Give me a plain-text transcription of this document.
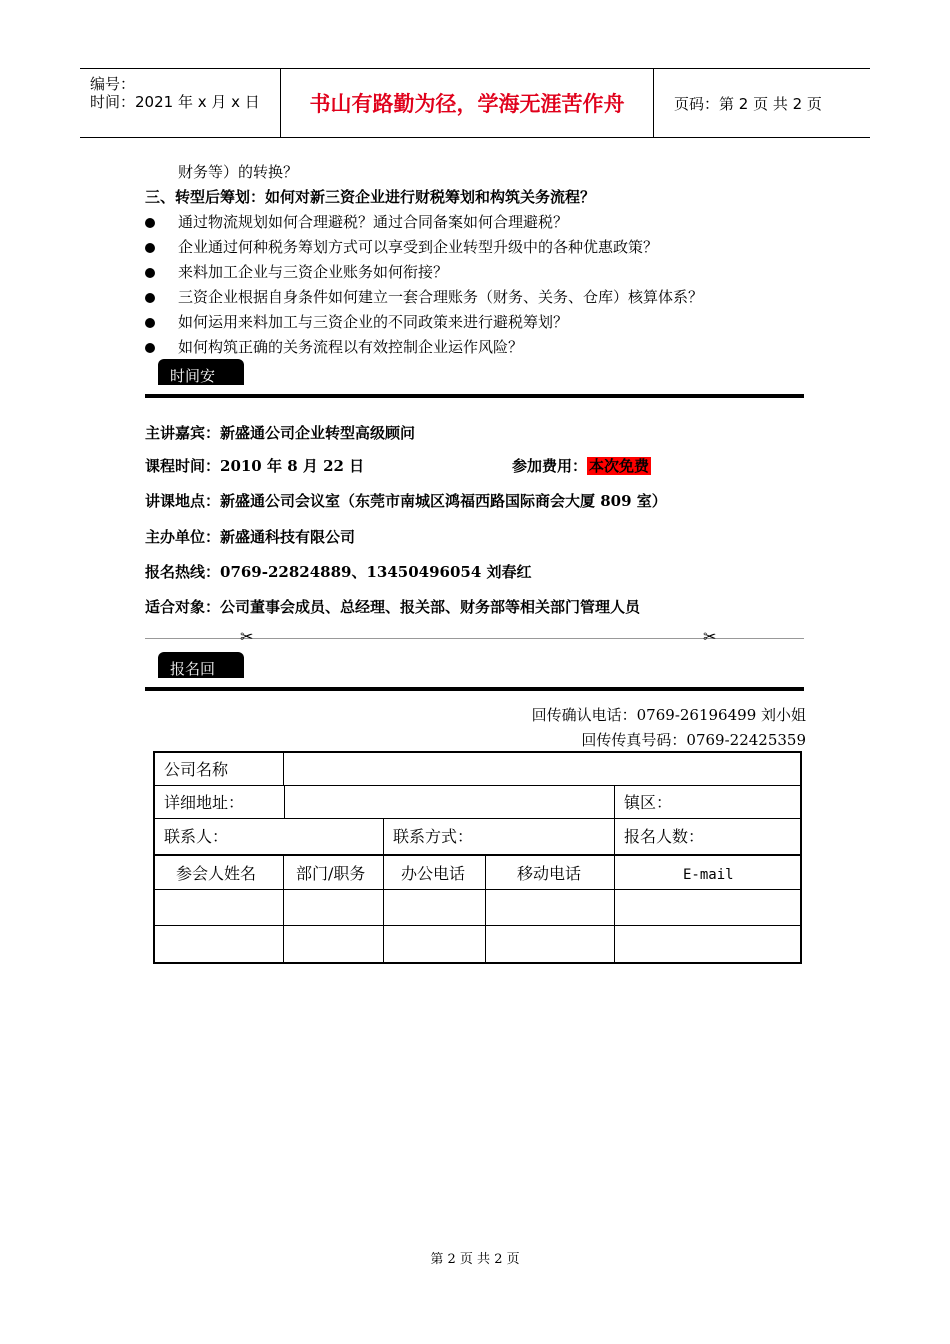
编号：
时间：2021 年 x 月 x 日	书山有路勤为径，学海无涯苦作舟	页码：第 2 页 共 2 页
财务等）的转换？
三、转型后筹划：如何对新三资企业进行财税筹划和构筑关务流程？
通过物流规划如何合理避税？通过合同备案如何合理避税？
企业通过何种税务筹划方式可以享受到企业转型升级中的各种优惠政策？
来料加工企业与三资企业账务如何衔接？
三资企业根据自身条件如何建立一套合理账务（财务、关务、仓库）核算体系？
如何运用来料加工与三资企业的不同政策来进行避税筹划？
如何构筑正确的关务流程以有效控制企业运作风险？
时间安
主讲嘉宾：新盛通公司企业转型高级顾问
课程时间：2010 年 8 月 22 日	参加费用： 本次免费
讲课地点：新盛通公司会议室（东莞市南城区鸿福西路国际商会大厦 809 室）
主办单位：新盛通科技有限公司
报名热线：0769-22824889、13450496054 刘春红
适合对象：公司董事会成员、总经理、报关部、财务部等相关部门管理人员
✂	✂
报名回
回传确认电话：0769-26196499 刘小姐
回传传真号码：0769-22425359
公司名称
详细地址：	镇区：
联系人：	联系方式：	报名人数：
参会人姓名 部门/职务 办公电话	移动电话	E-mail
第 2 页 共 2 页
